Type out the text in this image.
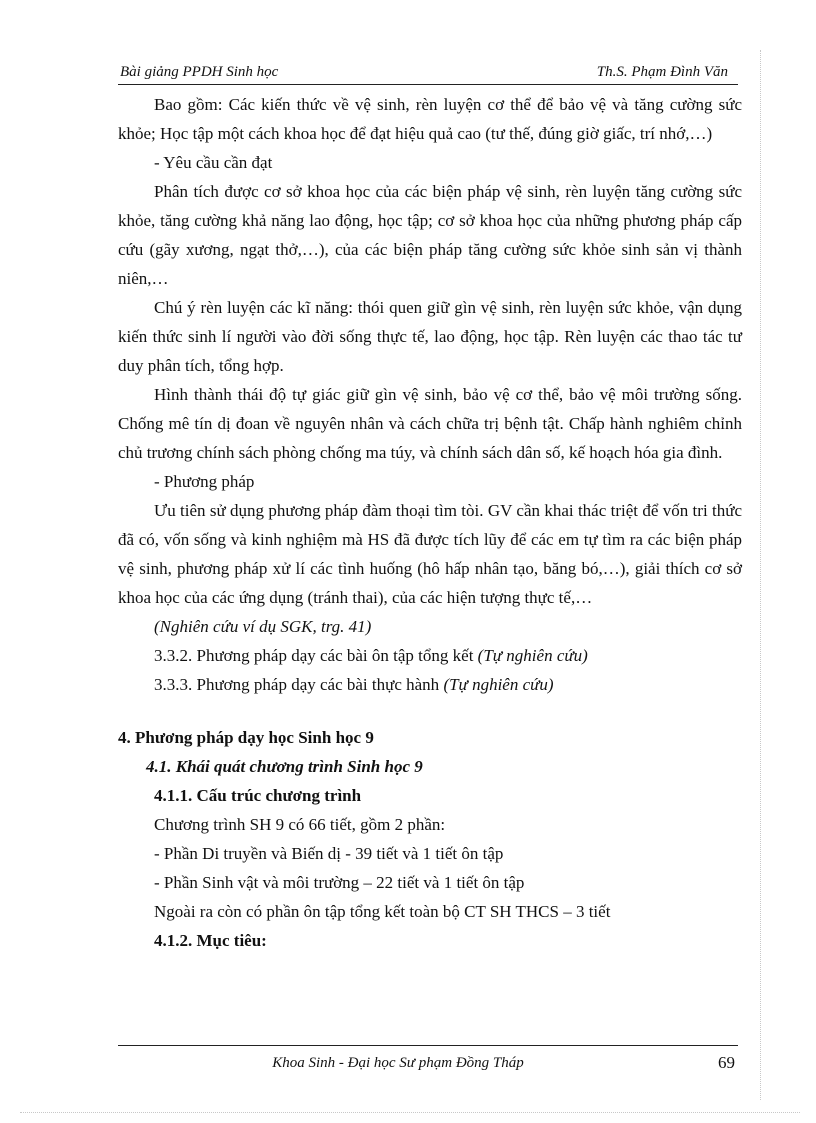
Bài giảng PPDH Sinh học	Th.S. Phạm Đình Văn

Bao gồm: Các kiến thức về vệ sinh, rèn luyện cơ thể để bảo vệ và tăng cường sức khỏe; Học tập một cách khoa học để đạt hiệu quả cao (tư thế, đúng giờ giấc, trí nhớ,…)

- Yêu cầu cần đạt

Phân tích được cơ sở khoa học của các biện pháp vệ sinh, rèn luyện tăng cường sức khỏe, tăng cường khả năng lao động, học tập; cơ sở khoa học của những phương pháp cấp cứu (gãy xương, ngạt thở,…), của các biện pháp tăng cường sức khỏe sinh sản vị thành niên,…

Chú ý rèn luyện các kĩ năng: thói quen giữ gìn vệ sinh, rèn luyện sức khỏe, vận dụng kiến thức sinh lí người vào đời sống thực tế, lao động, học tập. Rèn luyện các thao tác tư duy phân tích, tổng hợp.

Hình thành thái độ tự giác giữ gìn vệ sinh, bảo vệ cơ thể, bảo vệ môi trường sống. Chống mê tín dị đoan về nguyên nhân và cách chữa trị bệnh tật. Chấp hành nghiêm chỉnh chủ trương chính sách phòng chống ma túy, và chính sách dân số, kế hoạch hóa gia đình.

- Phương pháp

Ưu tiên sử dụng phương pháp đàm thoại tìm tòi. GV cần khai thác triệt để vốn tri thức đã có, vốn sống và kinh nghiệm mà HS đã được tích lũy để các em tự tìm ra các biện pháp vệ sinh, phương pháp xử lí các tình huống (hô hấp nhân tạo, băng bó,…), giải thích cơ sở khoa học của các ứng dụng (tránh thai), của các hiện tượng thực tế,…

(Nghiên cứu ví dụ SGK, trg. 41)

3.3.2. Phương pháp dạy các bài ôn tập tổng kết (Tự nghiên cứu)

3.3.3. Phương pháp dạy các bài thực hành (Tự nghiên cứu)

4. Phương pháp dạy học Sinh học 9

4.1. Khái quát chương trình Sinh học 9

4.1.1. Cấu trúc chương trình

Chương trình SH 9 có 66 tiết, gồm 2 phần:

- Phần Di truyền và Biến dị - 39 tiết và 1 tiết ôn tập

- Phần Sinh vật và môi trường – 22 tiết và 1 tiết ôn tập

Ngoài ra còn có phần ôn tập tổng kết toàn bộ CT SH THCS – 3 tiết

4.1.2. Mục tiêu:

Khoa Sinh - Đại học Sư phạm Đồng Tháp	69
